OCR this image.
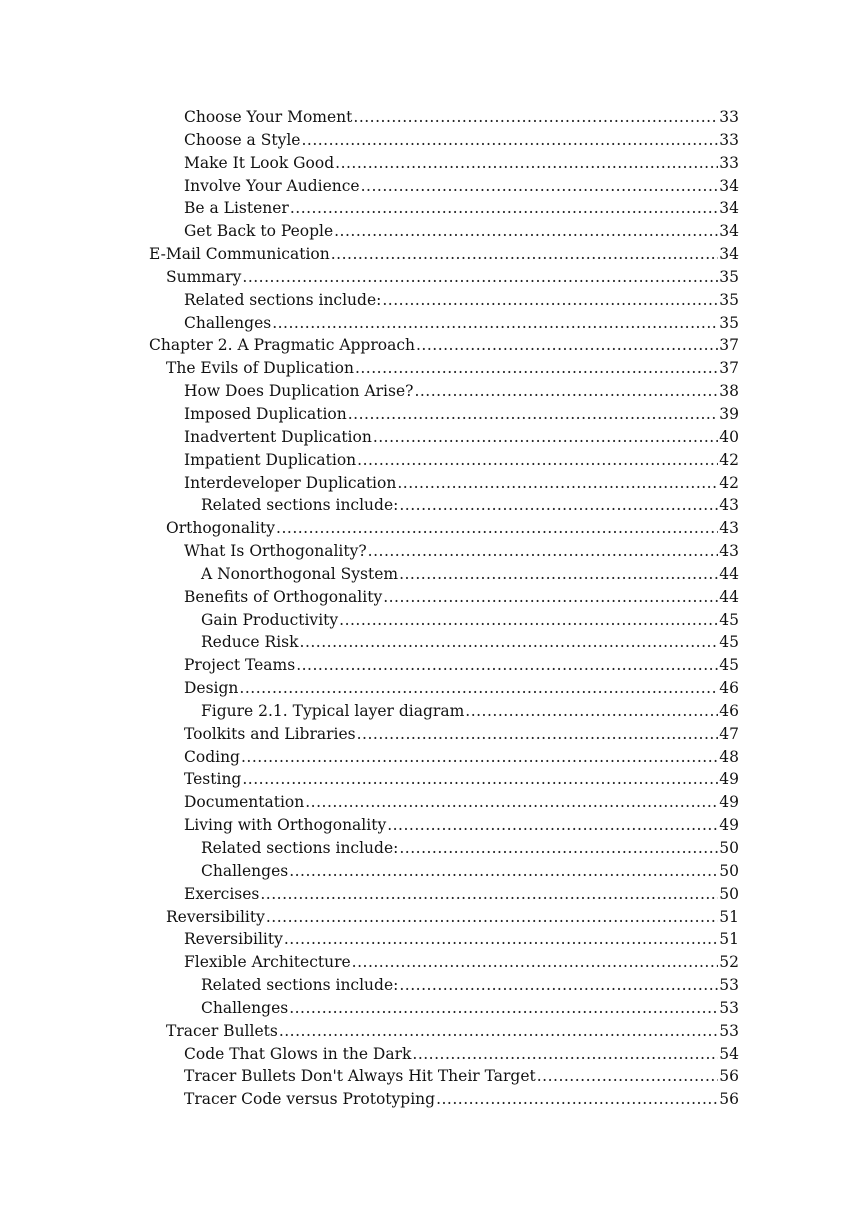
Choose Your Moment .....	33
Choose a Style .....	33
Make It Look Good .....	33
Involve Your Audience .....	34
Be a Listener .....	34
Get Back to People .....	34
E-Mail Communication .....	34
Summary .....	35
Related sections include: .....	35
Challenges .....	35
Chapter 2. A Pragmatic Approach .....	37
The Evils of Duplication .....	37
How Does Duplication Arise? .....	38
Imposed Duplication .....	39
Inadvertent Duplication .....	40
Impatient Duplication .....	42
Interdeveloper Duplication .....	42
Related sections include: .....	43
Orthogonality .....	43
What Is Orthogonality? .....	43
A Nonorthogonal System .....	44
Benefits of Orthogonality .....	44
Gain Productivity .....	45
Reduce Risk .....	45
Project Teams .....	45
Design .....	46
Figure 2.1. Typical layer diagram .....	46
Toolkits and Libraries .....	47
Coding .....	48
Testing .....	49
Documentation .....	49
Living with Orthogonality .....	49
Related sections include: .....	50
Challenges .....	50
Exercises .....	50
Reversibility .....	51
Reversibility .....	51
Flexible Architecture .....	52
Related sections include: .....	53
Challenges .....	53
Tracer Bullets .....	53
Code That Glows in the Dark .....	54
Tracer Bullets Don't Always Hit Their Target .....	56
Tracer Code versus Prototyping .....	56
